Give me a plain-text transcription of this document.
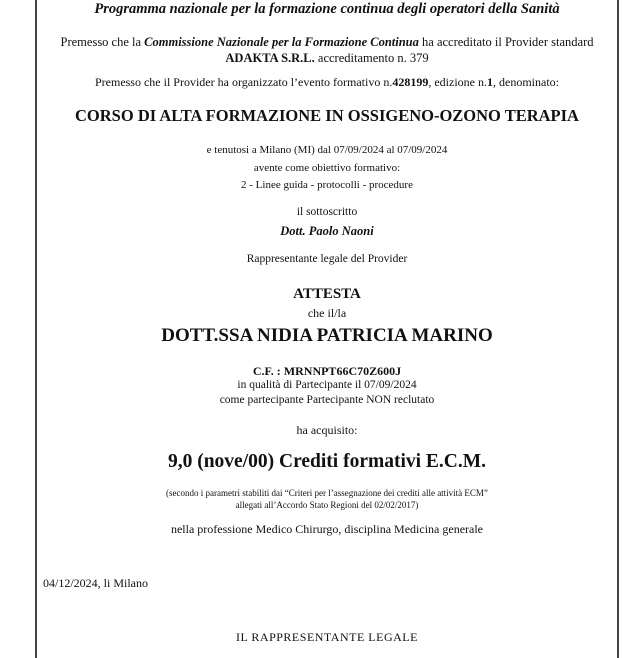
Programma nazionale per la formazione continua degli operatori della Sanità
Premesso che la Commissione Nazionale per la Formazione Continua ha accreditato il Provider standard
ADAKTA S.R.L. accreditamento n. 379
Premesso che il Provider ha organizzato l’evento formativo n.428199, edizione n.1, denominato:
CORSO DI ALTA FORMAZIONE IN OSSIGENO-OZONO TERAPIA
e tenutosi a Milano (MI) dal 07/09/2024 al 07/09/2024
avente come obiettivo formativo:
2 - Linee guida - protocolli - procedure
il sottoscritto
Dott. Paolo Naoni
Rappresentante legale del Provider
ATTESTA
che il/la
DOTT.SSA NIDIA PATRICIA MARINO
C.F. : MRNNPT66C70Z600J
in qualità di Partecipante il 07/09/2024
come partecipante Partecipante NON reclutato
ha acquisito:
9,0 (nove/00) Crediti formativi E.C.M.
(secondo i parametri stabiliti dai “Criteri per l’assegnazione dei crediti alle attività ECM”
allegati all’Accordo Stato Regioni del 02/02/2017)
nella professione Medico Chirurgo, disciplina Medicina generale
04/12/2024, li Milano
IL RAPPRESENTANTE LEGALE
